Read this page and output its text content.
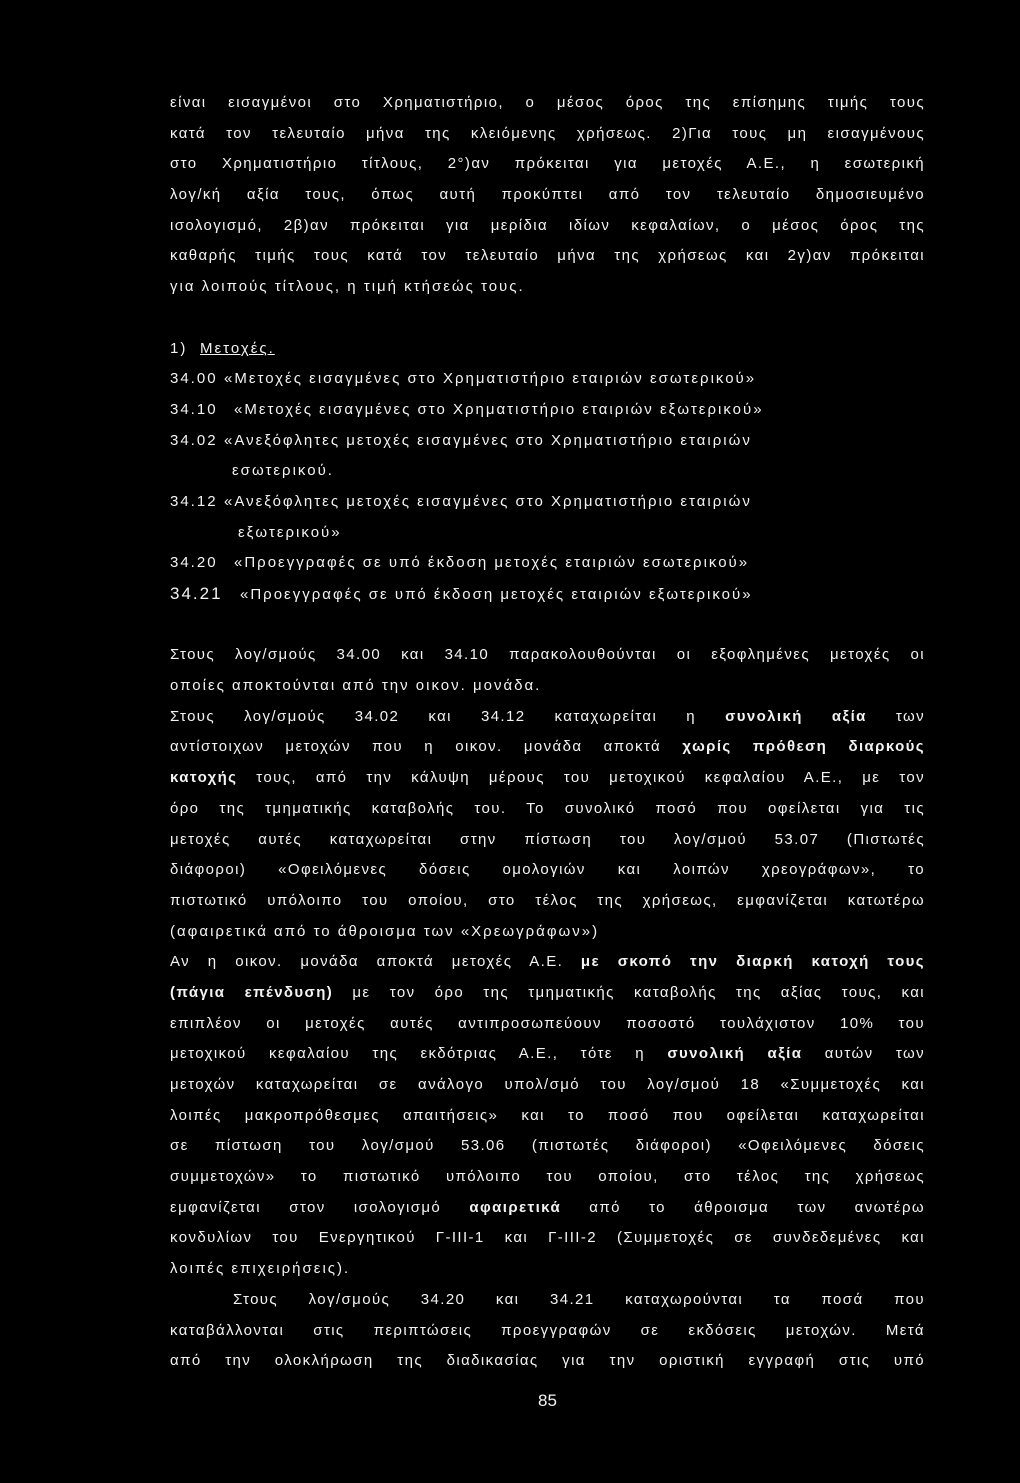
είναι εισαγμένοι στο Χρηματιστήριο, ο μέσος όρος της επίσημης τιμής τους
κατά τον τελευταίο μήνα της κλειόμενης χρήσεως. 2)Για τους μη εισαγμένους
στο Χρηματιστήριο τίτλους, 2°)αν πρόκειται για μετοχές Α.Ε., η εσωτερική
λογ/κή αξία τους, όπως αυτή προκύπτει από τον τελευταίο δημοσιευμένο
ισολογισμό, 2β)αν πρόκειται για μερίδια ιδίων κεφαλαίων, ο μέσος όρος της
καθαρής τιμής τους κατά τον τελευταίο μήνα της χρήσεως και 2γ)αν πρόκειται
για λοιπούς τίτλους, η τιμή κτήσεώς τους.
1) Μετοχές.
34.00 «Μετοχές εισαγμένες στο Χρηματιστήριο εταιριών εσωτερικού»
34.10 «Μετοχές εισαγμένες στο Χρηματιστήριο εταιριών εξωτερικού»
34.02 «Ανεξόφλητες μετοχές εισαγμένες στο Χρηματιστήριο εταιριών
εσωτερικού.
34.12 «Ανεξόφλητες μετοχές εισαγμένες στο Χρηματιστήριο εταιριών
εξωτερικού»
34.20 «Προεγγραφές σε υπό έκδοση μετοχές εταιριών εσωτερικού»
34.21 «Προεγγραφές σε υπό έκδοση μετοχές εταιριών εξωτερικού»
Στους λογ/σμούς 34.00 και 34.10 παρακολουθούνται οι εξοφλημένες μετοχές οι
οποίες αποκτούνται από την οικον. μονάδα.
Στους λογ/σμούς 34.02 και 34.12 καταχωρείται η συνολική αξία των
αντίστοιχων μετοχών που η οικον. μονάδα αποκτά χωρίς πρόθεση διαρκούς
κατοχής τους, από την κάλυψη μέρους του μετοχικού κεφαλαίου Α.Ε., με τον
όρο της τμηματικής καταβολής του. Το συνολικό ποσό που οφείλεται για τις
μετοχές αυτές καταχωρείται στην πίστωση του λογ/σμού 53.07 (Πιστωτές
διάφοροι) «Οφειλόμενες δόσεις ομολογιών και λοιπών χρεογράφων», το
πιστωτικό υπόλοιπο του οποίου, στο τέλος της χρήσεως, εμφανίζεται κατωτέρω
(αφαιρετικά από το άθροισμα των «Χρεωγράφων»)
Αν η οικον. μονάδα αποκτά μετοχές Α.Ε. με σκοπό την διαρκή κατοχή τους
(πάγια επένδυση) με τον όρο της τμηματικής καταβολής της αξίας τους, και
επιπλέον οι μετοχές αυτές αντιπροσωπεύουν ποσοστό τουλάχιστον 10% του
μετοχικού κεφαλαίου της εκδότριας Α.Ε., τότε η συνολική αξία αυτών των
μετοχών καταχωρείται σε ανάλογο υπολ/σμό του λογ/σμού 18 «Συμμετοχές και
λοιπές μακροπρόθεσμες απαιτήσεις» και το ποσό που οφείλεται καταχωρείται
σε πίστωση του λογ/σμού 53.06 (πιστωτές διάφοροι) «Οφειλόμενες δόσεις
συμμετοχών» το πιστωτικό υπόλοιπο του οποίου, στο τέλος της χρήσεως
εμφανίζεται στον ισολογισμό αφαιρετικά από το άθροισμα των ανωτέρω
κονδυλίων του Ενεργητικού Γ-ΙΙΙ-1 και Γ-ΙΙΙ-2 (Συμμετοχές σε συνδεδεμένες και
λοιπές επιχειρήσεις).
Στους λογ/σμούς 34.20 και 34.21 καταχωρούνται τα ποσά που
καταβάλλονται στις περιπτώσεις προεγγραφών σε εκδόσεις μετοχών. Μετά
από την ολοκλήρωση της διαδικασίας για την οριστική εγγραφή στις υπό
85
